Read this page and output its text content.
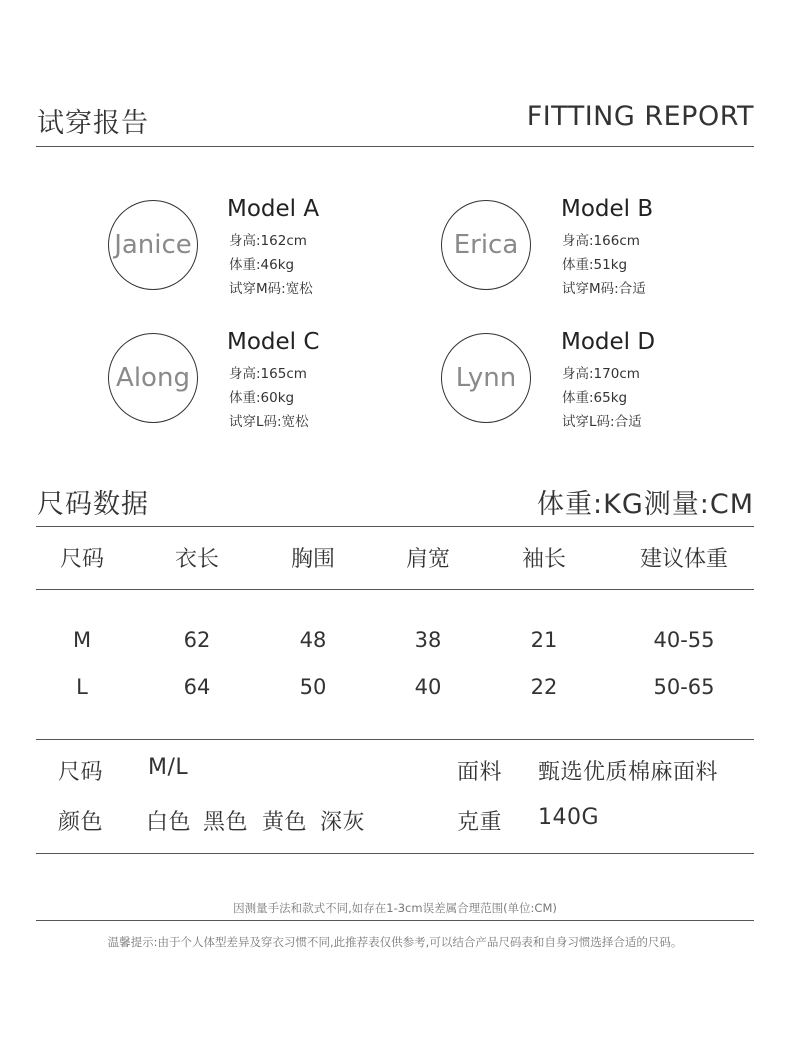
试穿报告	FITTING REPORT
Janice
Model A
身高:162cm
体重:46kg
试穿M码:宽松
Erica
Model B
身高:166cm
体重:51kg
试穿M码:合适
Along
Model C
身高:165cm
体重:60kg
试穿L码:宽松
Lynn
Model D
身高:170cm
体重:65kg
试穿L码:合适
尺码数据	体重:KG测量:CM
尺码	衣长	胸围	肩宽	袖长	建议体重
M	62	48	38	21	40-55
L	64	50	40	22	50-65
尺码 M/L	面料 甄选优质棉麻面料
颜色 白色 黑色 黄色 深灰	克重 140G
因测量手法和款式不同,如存在1-3cm误差属合理范围(单位:CM)
温馨提示:由于个人体型差异及穿衣习惯不同,此推荐表仅供参考,可以结合产品尺码表和自身习惯选择合适的尺码。
